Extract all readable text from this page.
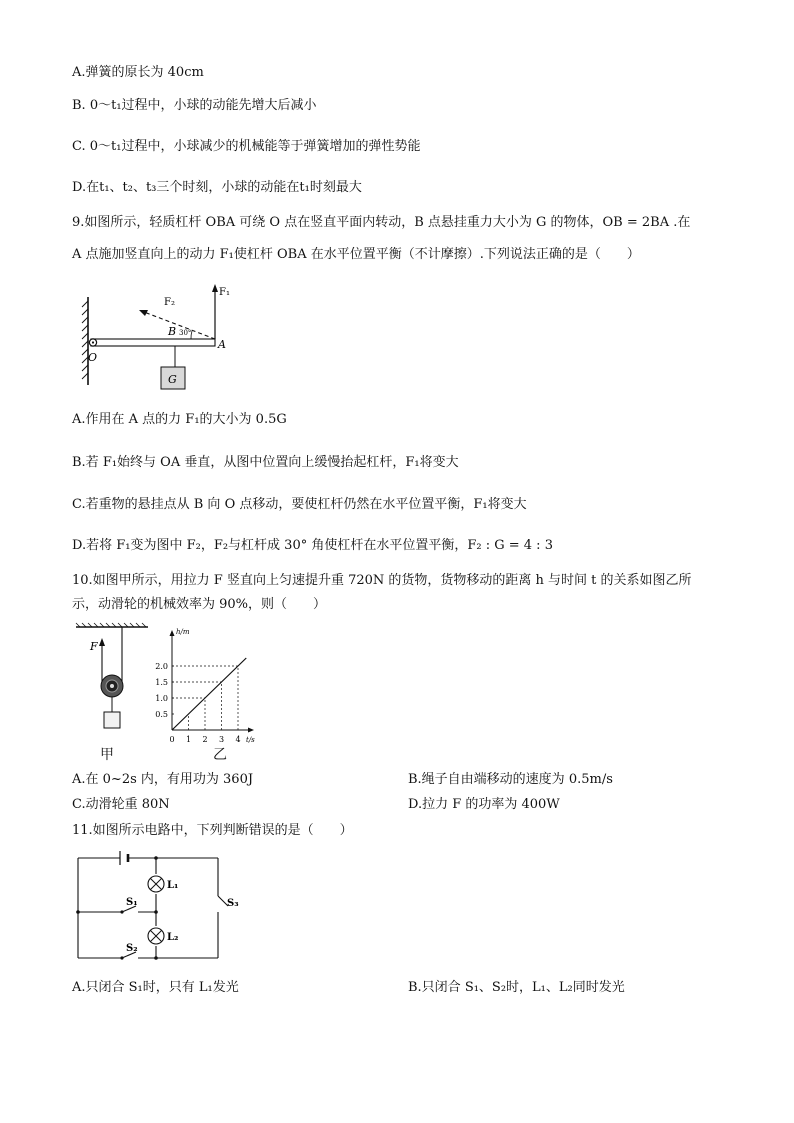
A.弹簧的原长为 40cm
B. 0～t₁过程中，小球的动能先增大后减小
C. 0～t₁过程中，小球减少的机械能等于弹簧增加的弹性势能
D.在t₁、t₂、t₃三个时刻，小球的动能在t₁时刻最大
9.如图所示，轻质杠杆 OBA 可绕 O 点在竖直平面内转动，B 点悬挂重力大小为 G 的物体，OB = 2BA .在
A 点施加竖直向上的动力 F₁使杠杆 OBA 在水平位置平衡（不计摩擦）.下列说法正确的是（　　）
F₁
F₂
B 30°
O
A
G
A.作用在 A 点的力 F₁的大小为 0.5G
B.若 F₁始终与 OA 垂直，从图中位置向上缓慢抬起杠杆，F₁将变大
C.若重物的悬挂点从 B 向 O 点移动，要使杠杆仍然在水平位置平衡，F₁将变大
D.若将 F₁变为图中 F₂，F₂与杠杆成 30° 角使杠杆在水平位置平衡，F₂ : G = 4 : 3
10.如图甲所示，用拉力 F 竖直向上匀速提升重 720N 的货物，货物移动的距离 h 与时间 t 的关系如图乙所
示，动滑轮的机械效率为 90%，则（　　）
F
h/m
t/s
0 1 2 3 4
0.5
1.0
1.5
2.0
甲	乙
A.在 0~2s 内，有用功为 360J	B.绳子自由端移动的速度为 0.5m/s
C.动滑轮重 80N	D.拉力 F 的功率为 400W
11.如图所示电路中，下列判断错误的是（　　）
L₁
L₂
S₁
S₂
S₃
A.只闭合 S₁时，只有 L₁发光	B.只闭合 S₁、S₂时，L₁、L₂同时发光
